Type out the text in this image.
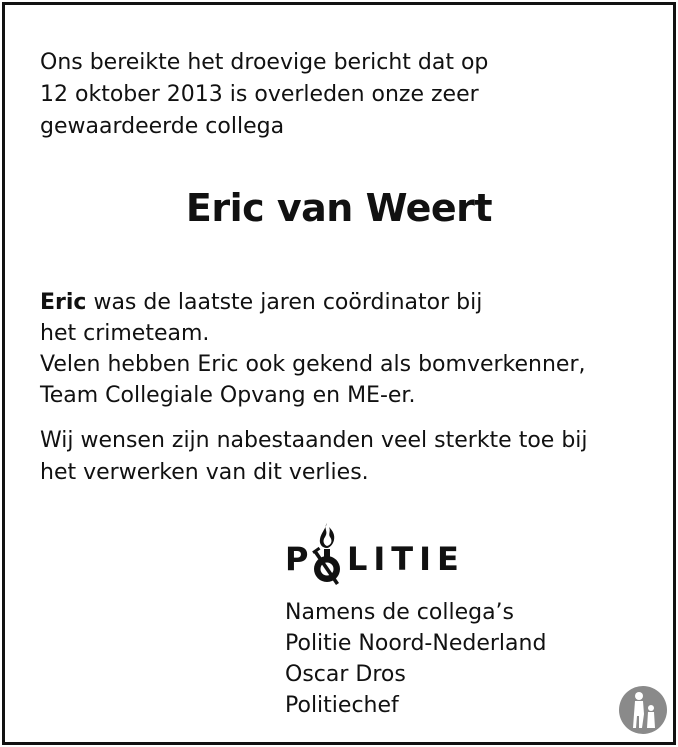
Ons bereikte het droevige bericht dat op
12 oktober 2013 is overleden onze zeer
gewaardeerde collega

Eric van Weert

Eric was de laatste jaren coördinator bij
het crimeteam.
Velen hebben Eric ook gekend als bomverkenner,
Team Collegiale Opvang en ME-er.

Wij wensen zijn nabestaanden veel sterkte toe bij
het verwerken van dit verlies.

P LITIE

Namens de collega’s
Politie Noord-Nederland
Oscar Dros
Politiechef
